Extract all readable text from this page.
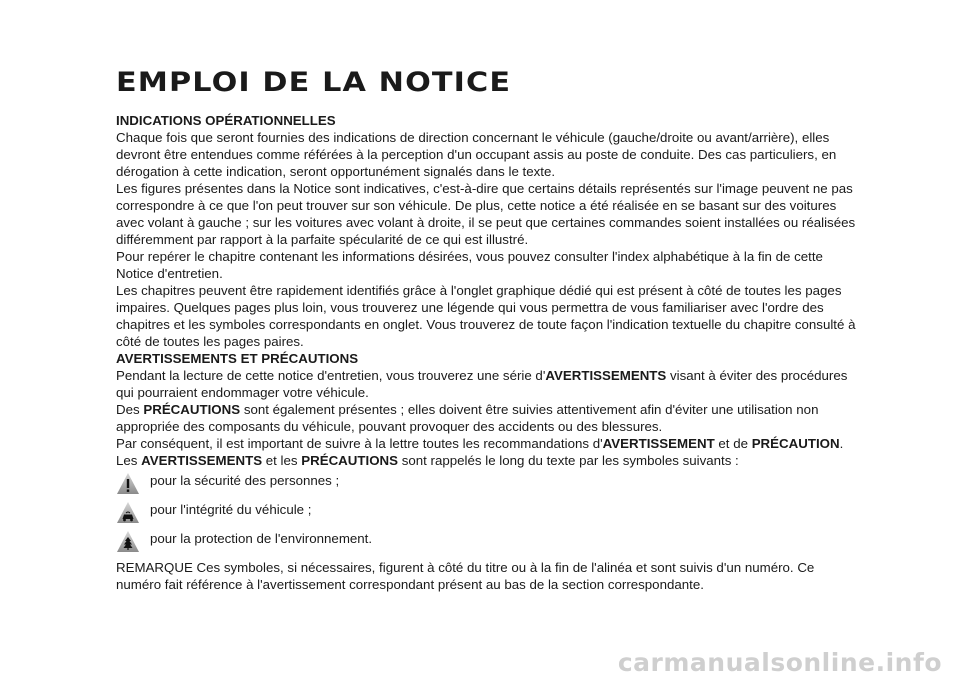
EMPLOI DE LA NOTICE
INDICATIONS OPÉRATIONNELLES

Chaque fois que seront fournies des indications de direction concernant le véhicule (gauche/droite ou avant/arrière), elles devront être entendues comme référées à la perception d'un occupant assis au poste de conduite. Des cas particuliers, en dérogation à cette indication, seront opportunément signalés dans le texte.

Les figures présentes dans la Notice sont indicatives, c'est-à-dire que certains détails représentés sur l'image peuvent ne pas correspondre à ce que l'on peut trouver sur son véhicule. De plus, cette notice a été réalisée en se basant sur des voitures avec volant à gauche ; sur les voitures avec volant à droite, il se peut que certaines commandes soient installées ou réalisées différemment par rapport à la parfaite spécularité de ce qui est illustré.

Pour repérer le chapitre contenant les informations désirées, vous pouvez consulter l'index alphabétique à la fin de cette Notice d'entretien.

Les chapitres peuvent être rapidement identifiés grâce à l'onglet graphique dédié qui est présent à côté de toutes les pages impaires. Quelques pages plus loin, vous trouverez une légende qui vous permettra de vous familiariser avec l'ordre des chapitres et les symboles correspondants en onglet. Vous trouverez de toute façon l'indication textuelle du chapitre consulté à côté de toutes les pages paires.

AVERTISSEMENTS ET PRÉCAUTIONS

Pendant la lecture de cette notice d'entretien, vous trouverez une série d'AVERTISSEMENTS visant à éviter des procédures qui pourraient endommager votre véhicule.

Des PRÉCAUTIONS sont également présentes ; elles doivent être suivies attentivement afin d'éviter une utilisation non appropriée des composants du véhicule, pouvant provoquer des accidents ou des blessures.

Par conséquent, il est important de suivre à la lettre toutes les recommandations d'AVERTISSEMENT et de PRÉCAUTION.

Les AVERTISSEMENTS et les PRÉCAUTIONS sont rappelés le long du texte par les symboles suivants :

pour la sécurité des personnes ;
pour l'intégrité du véhicule ;
pour la protection de l'environnement.

REMARQUE Ces symboles, si nécessaires, figurent à côté du titre ou à la fin de l'alinéa et sont suivis d'un numéro. Ce numéro fait référence à l'avertissement correspondant présent au bas de la section correspondante.

carmanualsonline.info
